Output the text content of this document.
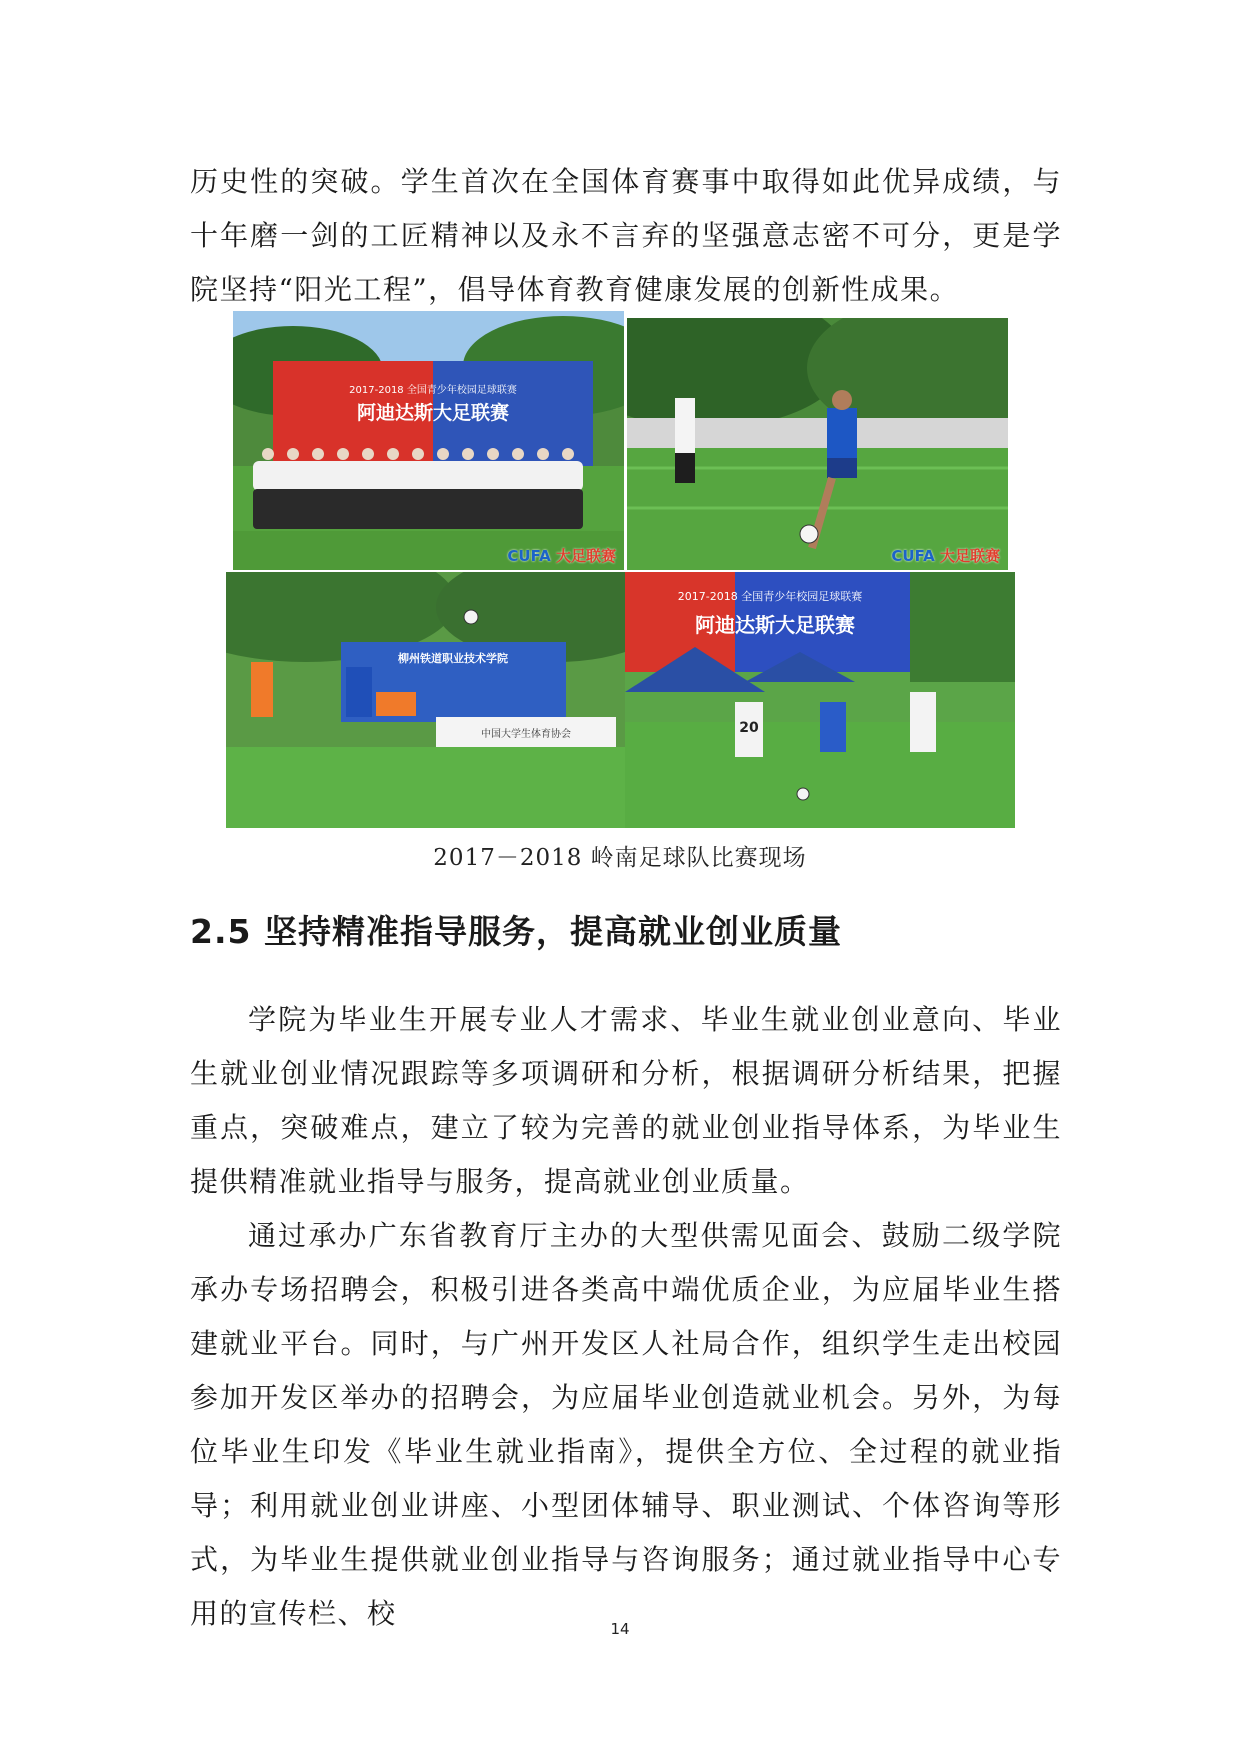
历史性的突破。学生首次在全国体育赛事中取得如此优异成绩，与十年磨一剑的工匠精神以及永不言弃的坚强意志密不可分，更是学院坚持“阳光工程”，倡导体育教育健康发展的创新性成果。

2017-2018 全国青少年校园足球联赛
阿迪达斯大足联赛
CUFA 大足联赛	CUFA 大足联赛
柳州铁道职业技术学院
中国大学生体育协会
2017-2018 全国青少年校园足球联赛
阿迪达斯大足联赛
20
2017－2018 岭南足球队比赛现场
2.5 坚持精准指导服务，提高就业创业质量

学院为毕业生开展专业人才需求、毕业生就业创业意向、毕业生就业创业情况跟踪等多项调研和分析，根据调研分析结果，把握重点，突破难点，建立了较为完善的就业创业指导体系，为毕业生提供精准就业指导与服务，提高就业创业质量。

通过承办广东省教育厅主办的大型供需见面会、鼓励二级学院承办专场招聘会，积极引进各类高中端优质企业，为应届毕业生搭建就业平台。同时，与广州开发区人社局合作，组织学生走出校园参加开发区举办的招聘会，为应届毕业创造就业机会。另外，为每位毕业生印发《毕业生就业指南》，提供全方位、全过程的就业指导；利用就业创业讲座、小型团体辅导、职业测试、个体咨询等形式，为毕业生提供就业创业指导与咨询服务；通过就业指导中心专用的宣传栏、校	14
